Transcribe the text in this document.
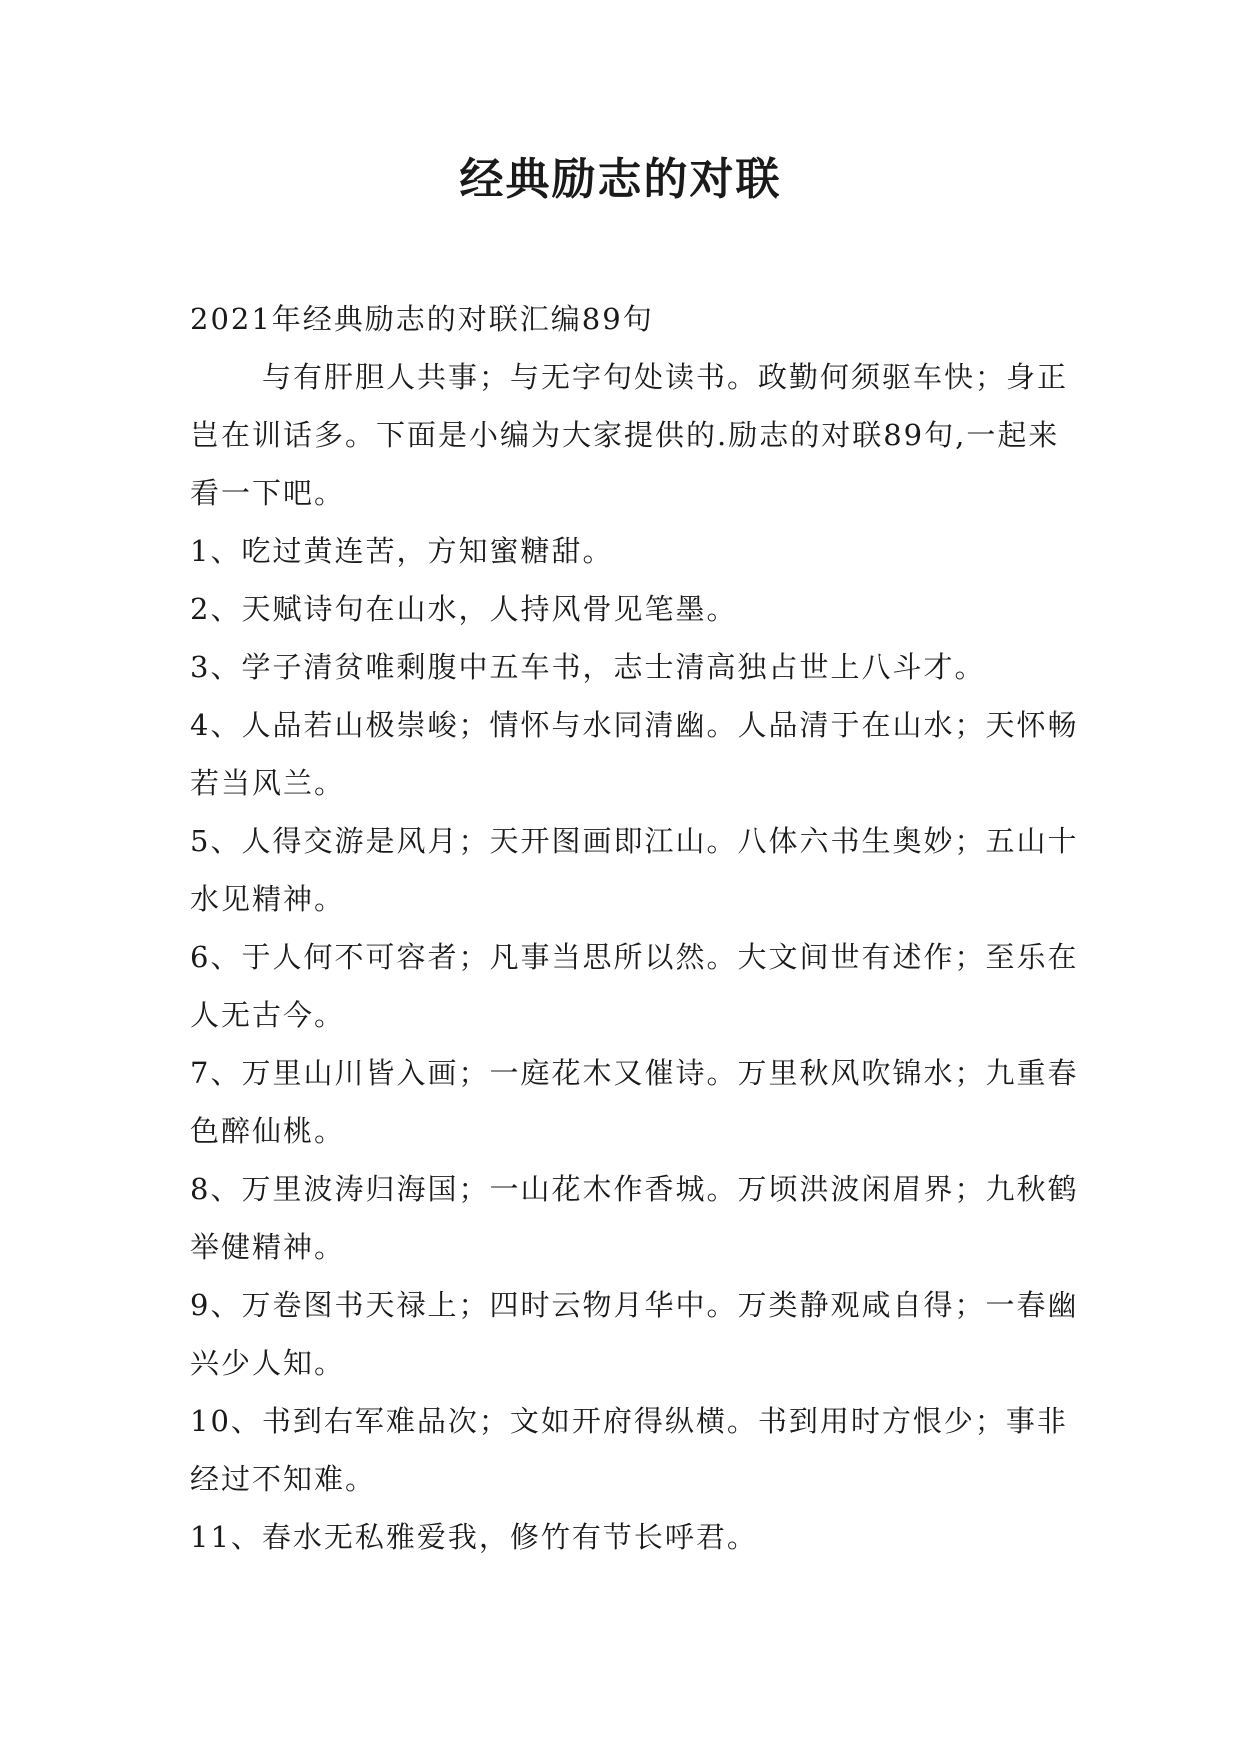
经典励志的对联

2021年经典励志的对联汇编89句

与有肝胆人共事；与无字句处读书。政勤何须驱车快；身正岂在训话多。下面是小编为大家提供的.励志的对联89句,一起来看一下吧。

1、吃过黄连苦，方知蜜糖甜。

2、天赋诗句在山水，人持风骨见笔墨。

3、学子清贫唯剩腹中五车书，志士清高独占世上八斗才。

4、人品若山极崇峻；情怀与水同清幽。人品清于在山水；天怀畅若当风兰。

5、人得交游是风月；天开图画即江山。八体六书生奥妙；五山十水见精神。

6、于人何不可容者；凡事当思所以然。大文间世有述作；至乐在人无古今。

7、万里山川皆入画；一庭花木又催诗。万里秋风吹锦水；九重春色醉仙桃。

8、万里波涛归海国；一山花木作香城。万顷洪波闲眉界；九秋鹤举健精神。

9、万卷图书天禄上；四时云物月华中。万类静观咸自得；一春幽兴少人知。

10、书到右军难品次；文如开府得纵横。书到用时方恨少；事非经过不知难。

11、春水无私雅爱我，修竹有节长呼君。
